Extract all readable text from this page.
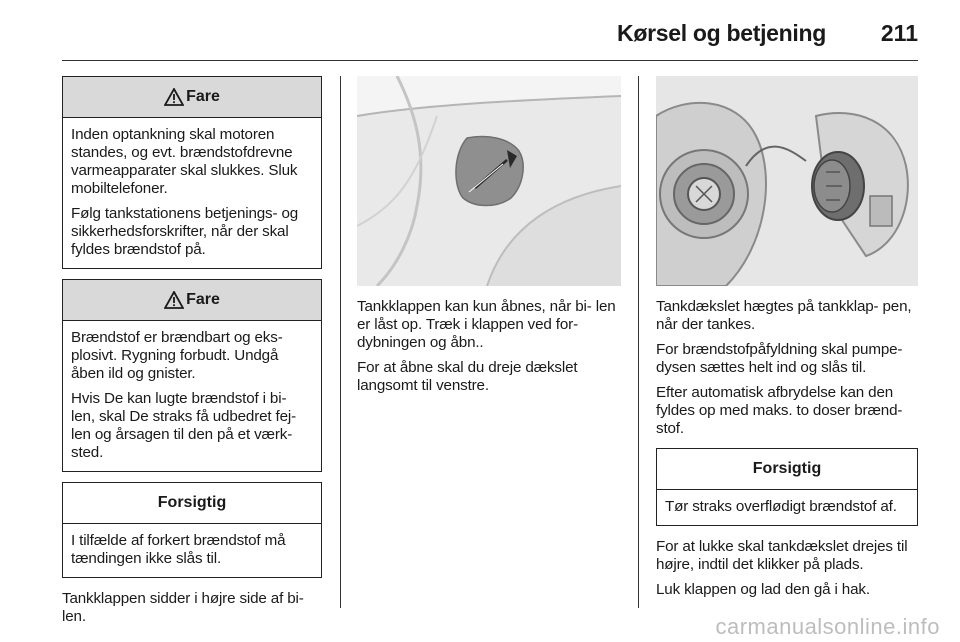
Kørsel og betjening 211
Fare

Inden optankning skal motoren standes, og evt. brændstofdrevne varmeapparater skal slukkes. Sluk mobiltelefoner.

Følg tankstationens betjenings- og sikkerhedsforskrifter, når der skal fyldes brændstof på.

Fare

Brændstof er brændbart og eks- plosivt. Rygning forbudt. Undgå åben ild og gnister.

Hvis De kan lugte brændstof i bi- len, skal De straks få udbedret fej- len og årsagen til den på et værk- sted.

Forsigtig

I tilfælde af forkert brændstof må tændingen ikke slås til.

Tankklappen sidder i højre side af bi- len.

Tankklappen kan kun åbnes, når bi- len er låst op. Træk i klappen ved for- dybningen og åbn..

For at åbne skal du dreje dækslet langsomt til venstre.

Tankdækslet hægtes på tankklap- pen, når der tankes.

For brændstofpåfyldning skal pumpe- dysen sættes helt ind og slås til.

Efter automatisk afbrydelse kan den fyldes op med maks. to doser brænd- stof.

Forsigtig

Tør straks overflødigt brændstof af.

For at lukke skal tankdækslet drejes til højre, indtil det klikker på plads.

Luk klappen og lad den gå i hak.

carmanualsonline.info
